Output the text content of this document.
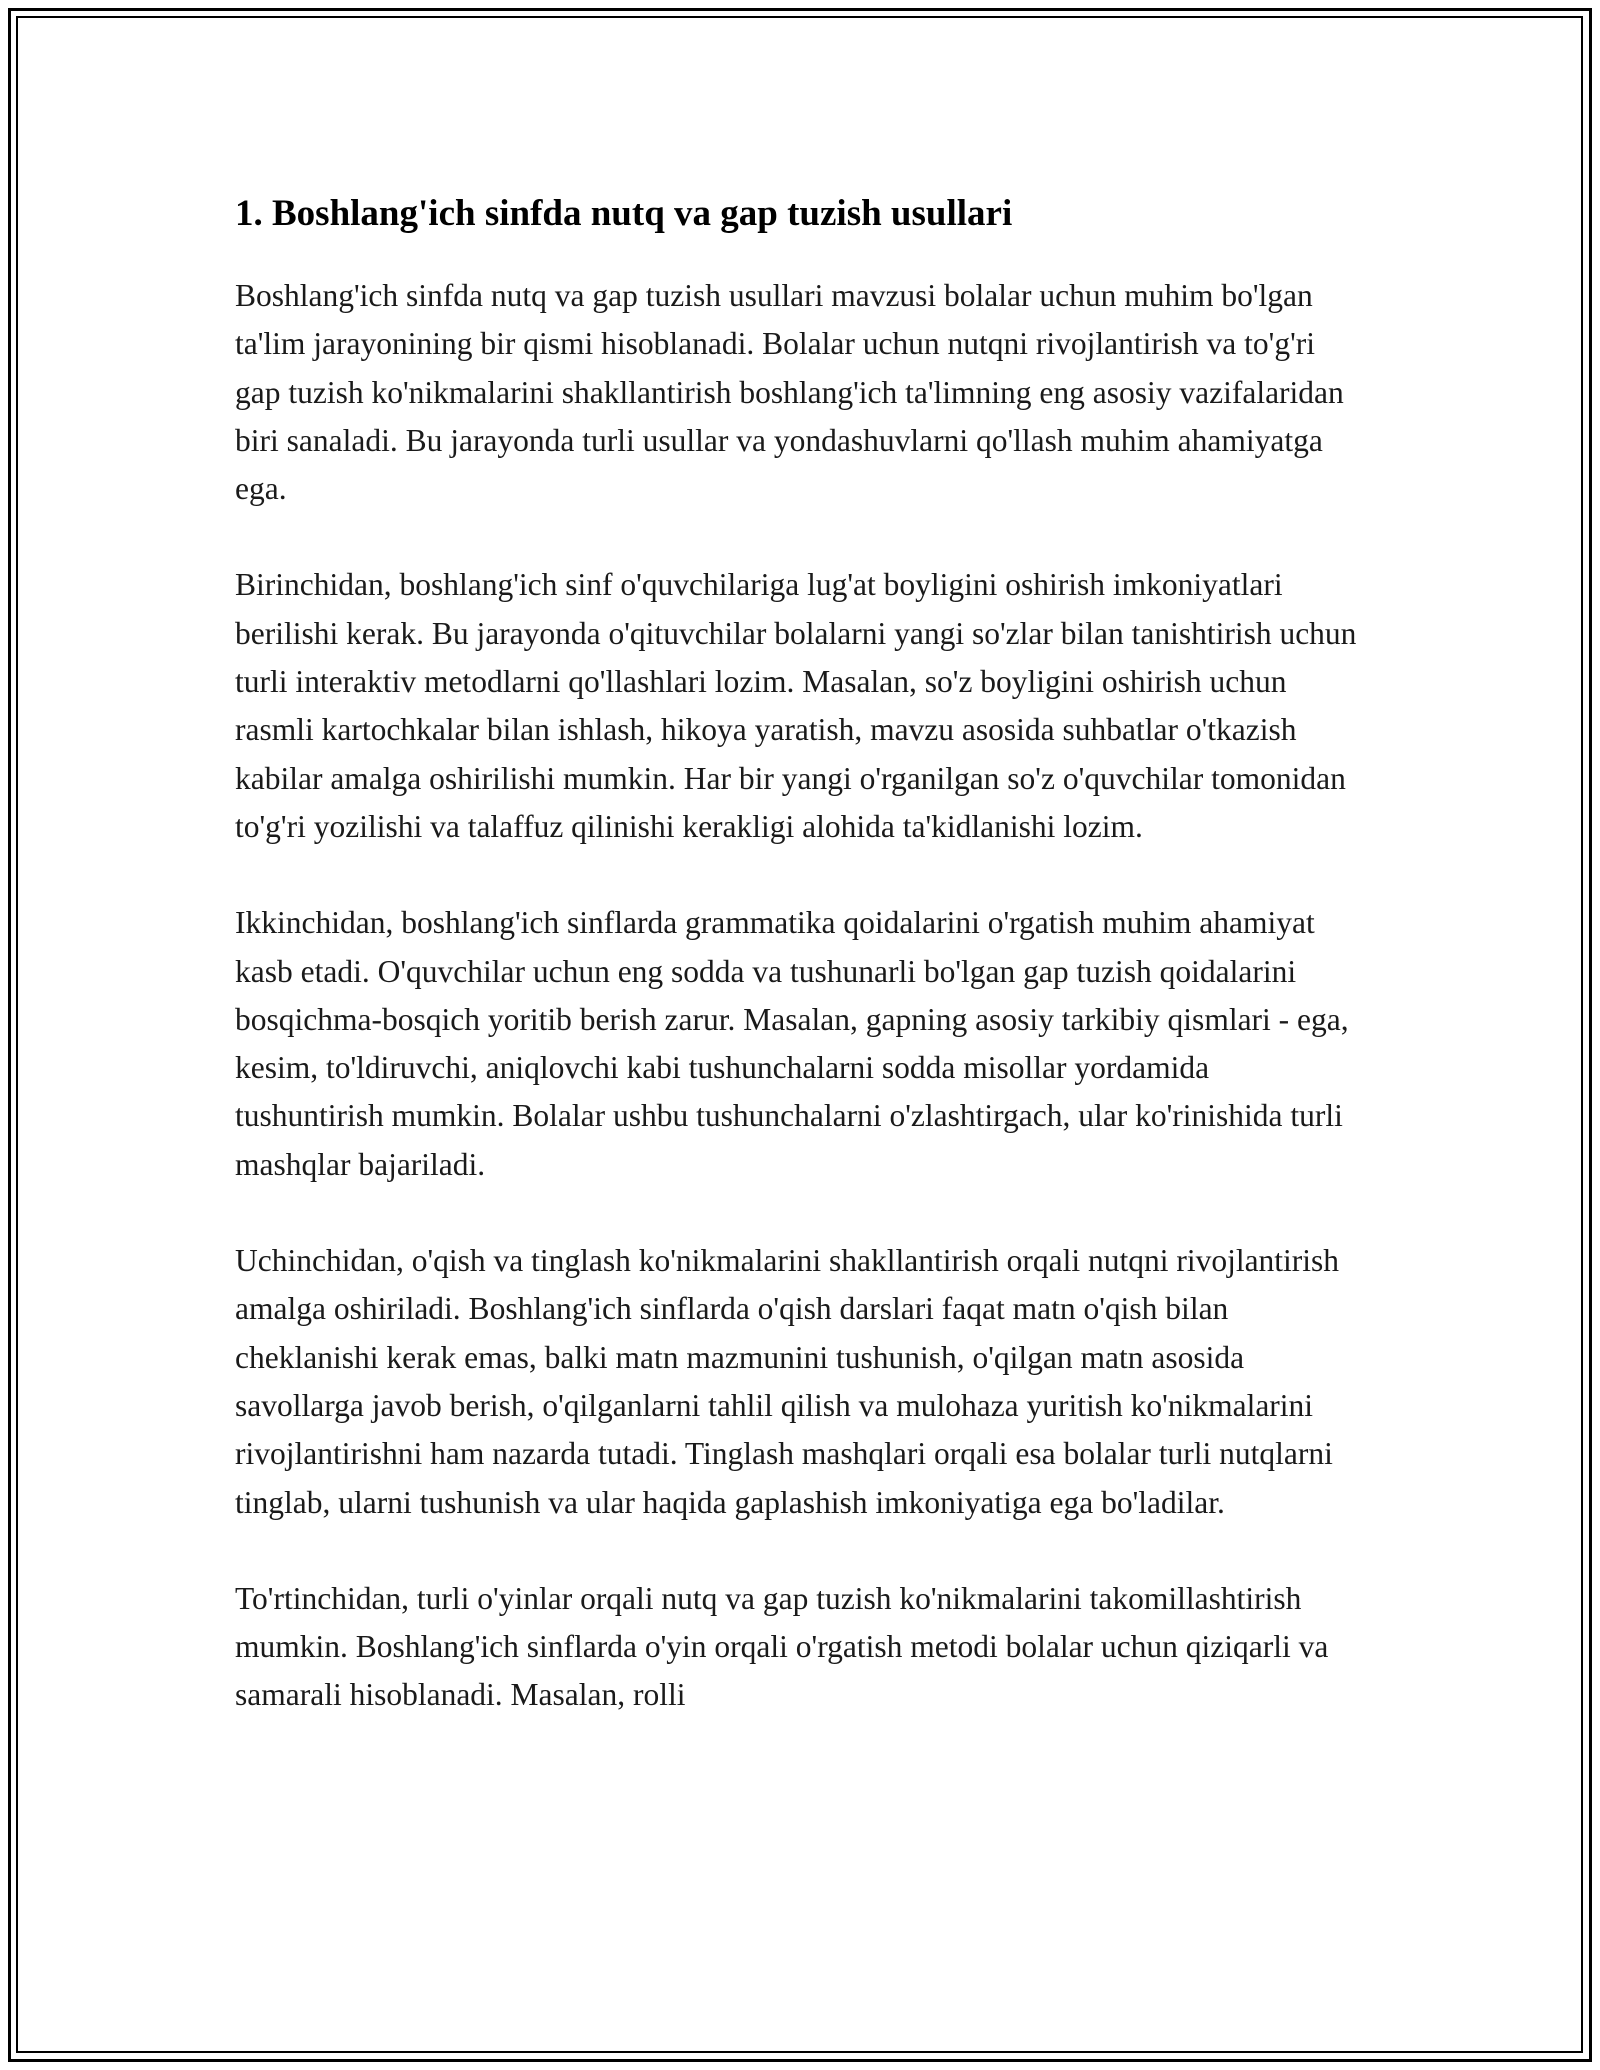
1. Boshlang'ich sinfda nutq va gap tuzish usullari

Boshlang'ich sinfda nutq va gap tuzish usullari mavzusi bolalar uchun muhim bo'lgan ta'lim jarayonining bir qismi hisoblanadi. Bolalar uchun nutqni rivojlantirish va to'g'ri gap tuzish ko'nikmalarini shakllantirish boshlang'ich ta'limning eng asosiy vazifalaridan biri sanaladi. Bu jarayonda turli usullar va yondashuvlarni qo'llash muhim ahamiyatga ega.

Birinchidan, boshlang'ich sinf o'quvchilariga lug'at boyligini oshirish imkoniyatlari berilishi kerak. Bu jarayonda o'qituvchilar bolalarni yangi so'zlar bilan tanishtirish uchun turli interaktiv metodlarni qo'llashlari lozim. Masalan, so'z boyligini oshirish uchun rasmli kartochkalar bilan ishlash, hikoya yaratish, mavzu asosida suhbatlar o'tkazish kabilar amalga oshirilishi mumkin. Har bir yangi o'rganilgan so'z o'quvchilar tomonidan to'g'ri yozilishi va talaffuz qilinishi kerakligi alohida ta'kidlanishi lozim.

Ikkinchidan, boshlang'ich sinflarda grammatika qoidalarini o'rgatish muhim ahamiyat kasb etadi. O'quvchilar uchun eng sodda va tushunarli bo'lgan gap tuzish qoidalarini bosqichma-bosqich yoritib berish zarur. Masalan, gapning asosiy tarkibiy qismlari - ega, kesim, to'ldiruvchi, aniqlovchi kabi tushunchalarni sodda misollar yordamida tushuntirish mumkin. Bolalar ushbu tushunchalarni o'zlashtirgach, ular ko'rinishida turli mashqlar bajariladi.

Uchinchidan, o'qish va tinglash ko'nikmalarini shakllantirish orqali nutqni rivojlantirish amalga oshiriladi. Boshlang'ich sinflarda o'qish darslari faqat matn o'qish bilan cheklanishi kerak emas, balki matn mazmunini tushunish, o'qilgan matn asosida savollarga javob berish, o'qilganlarni tahlil qilish va mulohaza yuritish ko'nikmalarini rivojlantirishni ham nazarda tutadi. Tinglash mashqlari orqali esa bolalar turli nutqlarni tinglab, ularni tushunish va ular haqida gaplashish imkoniyatiga ega bo'ladilar.

To'rtinchidan, turli o'yinlar orqali nutq va gap tuzish ko'nikmalarini takomillashtirish mumkin. Boshlang'ich sinflarda o'yin orqali o'rgatish metodi bolalar uchun qiziqarli va samarali hisoblanadi. Masalan, rolli
